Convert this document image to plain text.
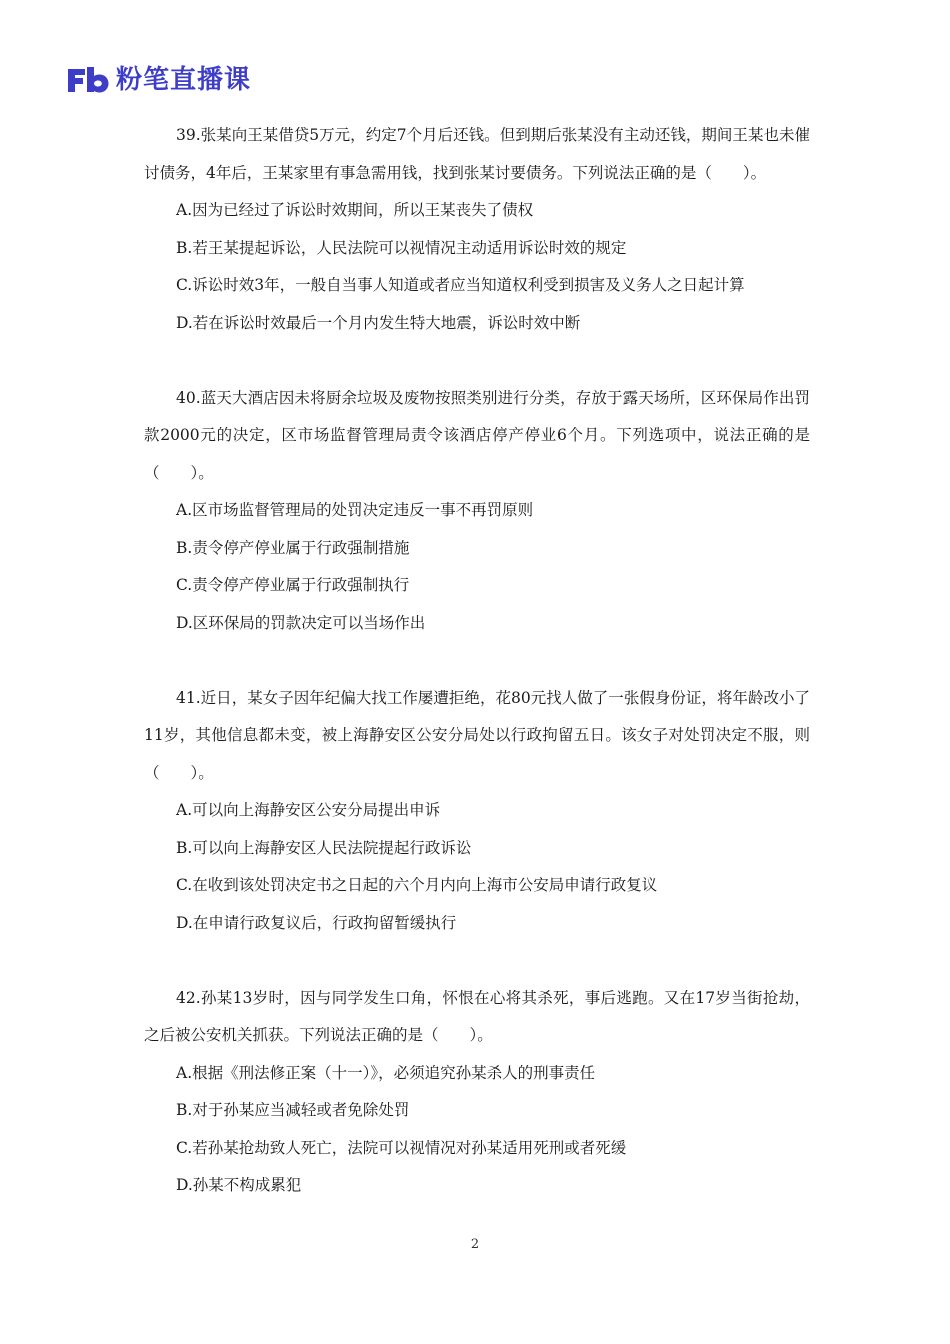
粉笔直播课

39.张某向王某借贷5万元，约定7个月后还钱。但到期后张某没有主动还钱，期间王某也未催讨债务，4年后，王某家里有事急需用钱，找到张某讨要债务。下列说法正确的是（　　）。

A.因为已经过了诉讼时效期间，所以王某丧失了债权

B.若王某提起诉讼，人民法院可以视情况主动适用诉讼时效的规定

C.诉讼时效3年，一般自当事人知道或者应当知道权利受到损害及义务人之日起计算

D.若在诉讼时效最后一个月内发生特大地震，诉讼时效中断

40.蓝天大酒店因未将厨余垃圾及废物按照类别进行分类，存放于露天场所，区环保局作出罚款2000元的决定，区市场监督管理局责令该酒店停产停业6个月。下列选项中，说法正确的是（　　）。

A.区市场监督管理局的处罚决定违反一事不再罚原则

B.责令停产停业属于行政强制措施

C.责令停产停业属于行政强制执行

D.区环保局的罚款决定可以当场作出

41.近日，某女子因年纪偏大找工作屡遭拒绝，花80元找人做了一张假身份证，将年龄改小了11岁，其他信息都未变，被上海静安区公安分局处以行政拘留五日。该女子对处罚决定不服，则（　　）。

A.可以向上海静安区公安分局提出申诉

B.可以向上海静安区人民法院提起行政诉讼

C.在收到该处罚决定书之日起的六个月内向上海市公安局申请行政复议

D.在申请行政复议后，行政拘留暂缓执行

42.孙某13岁时，因与同学发生口角，怀恨在心将其杀死，事后逃跑。又在17岁当街抢劫，之后被公安机关抓获。下列说法正确的是（　　）。

A.根据《刑法修正案（十一）》，必须追究孙某杀人的刑事责任

B.对于孙某应当减轻或者免除处罚

C.若孙某抢劫致人死亡，法院可以视情况对孙某适用死刑或者死缓

D.孙某不构成累犯

2
